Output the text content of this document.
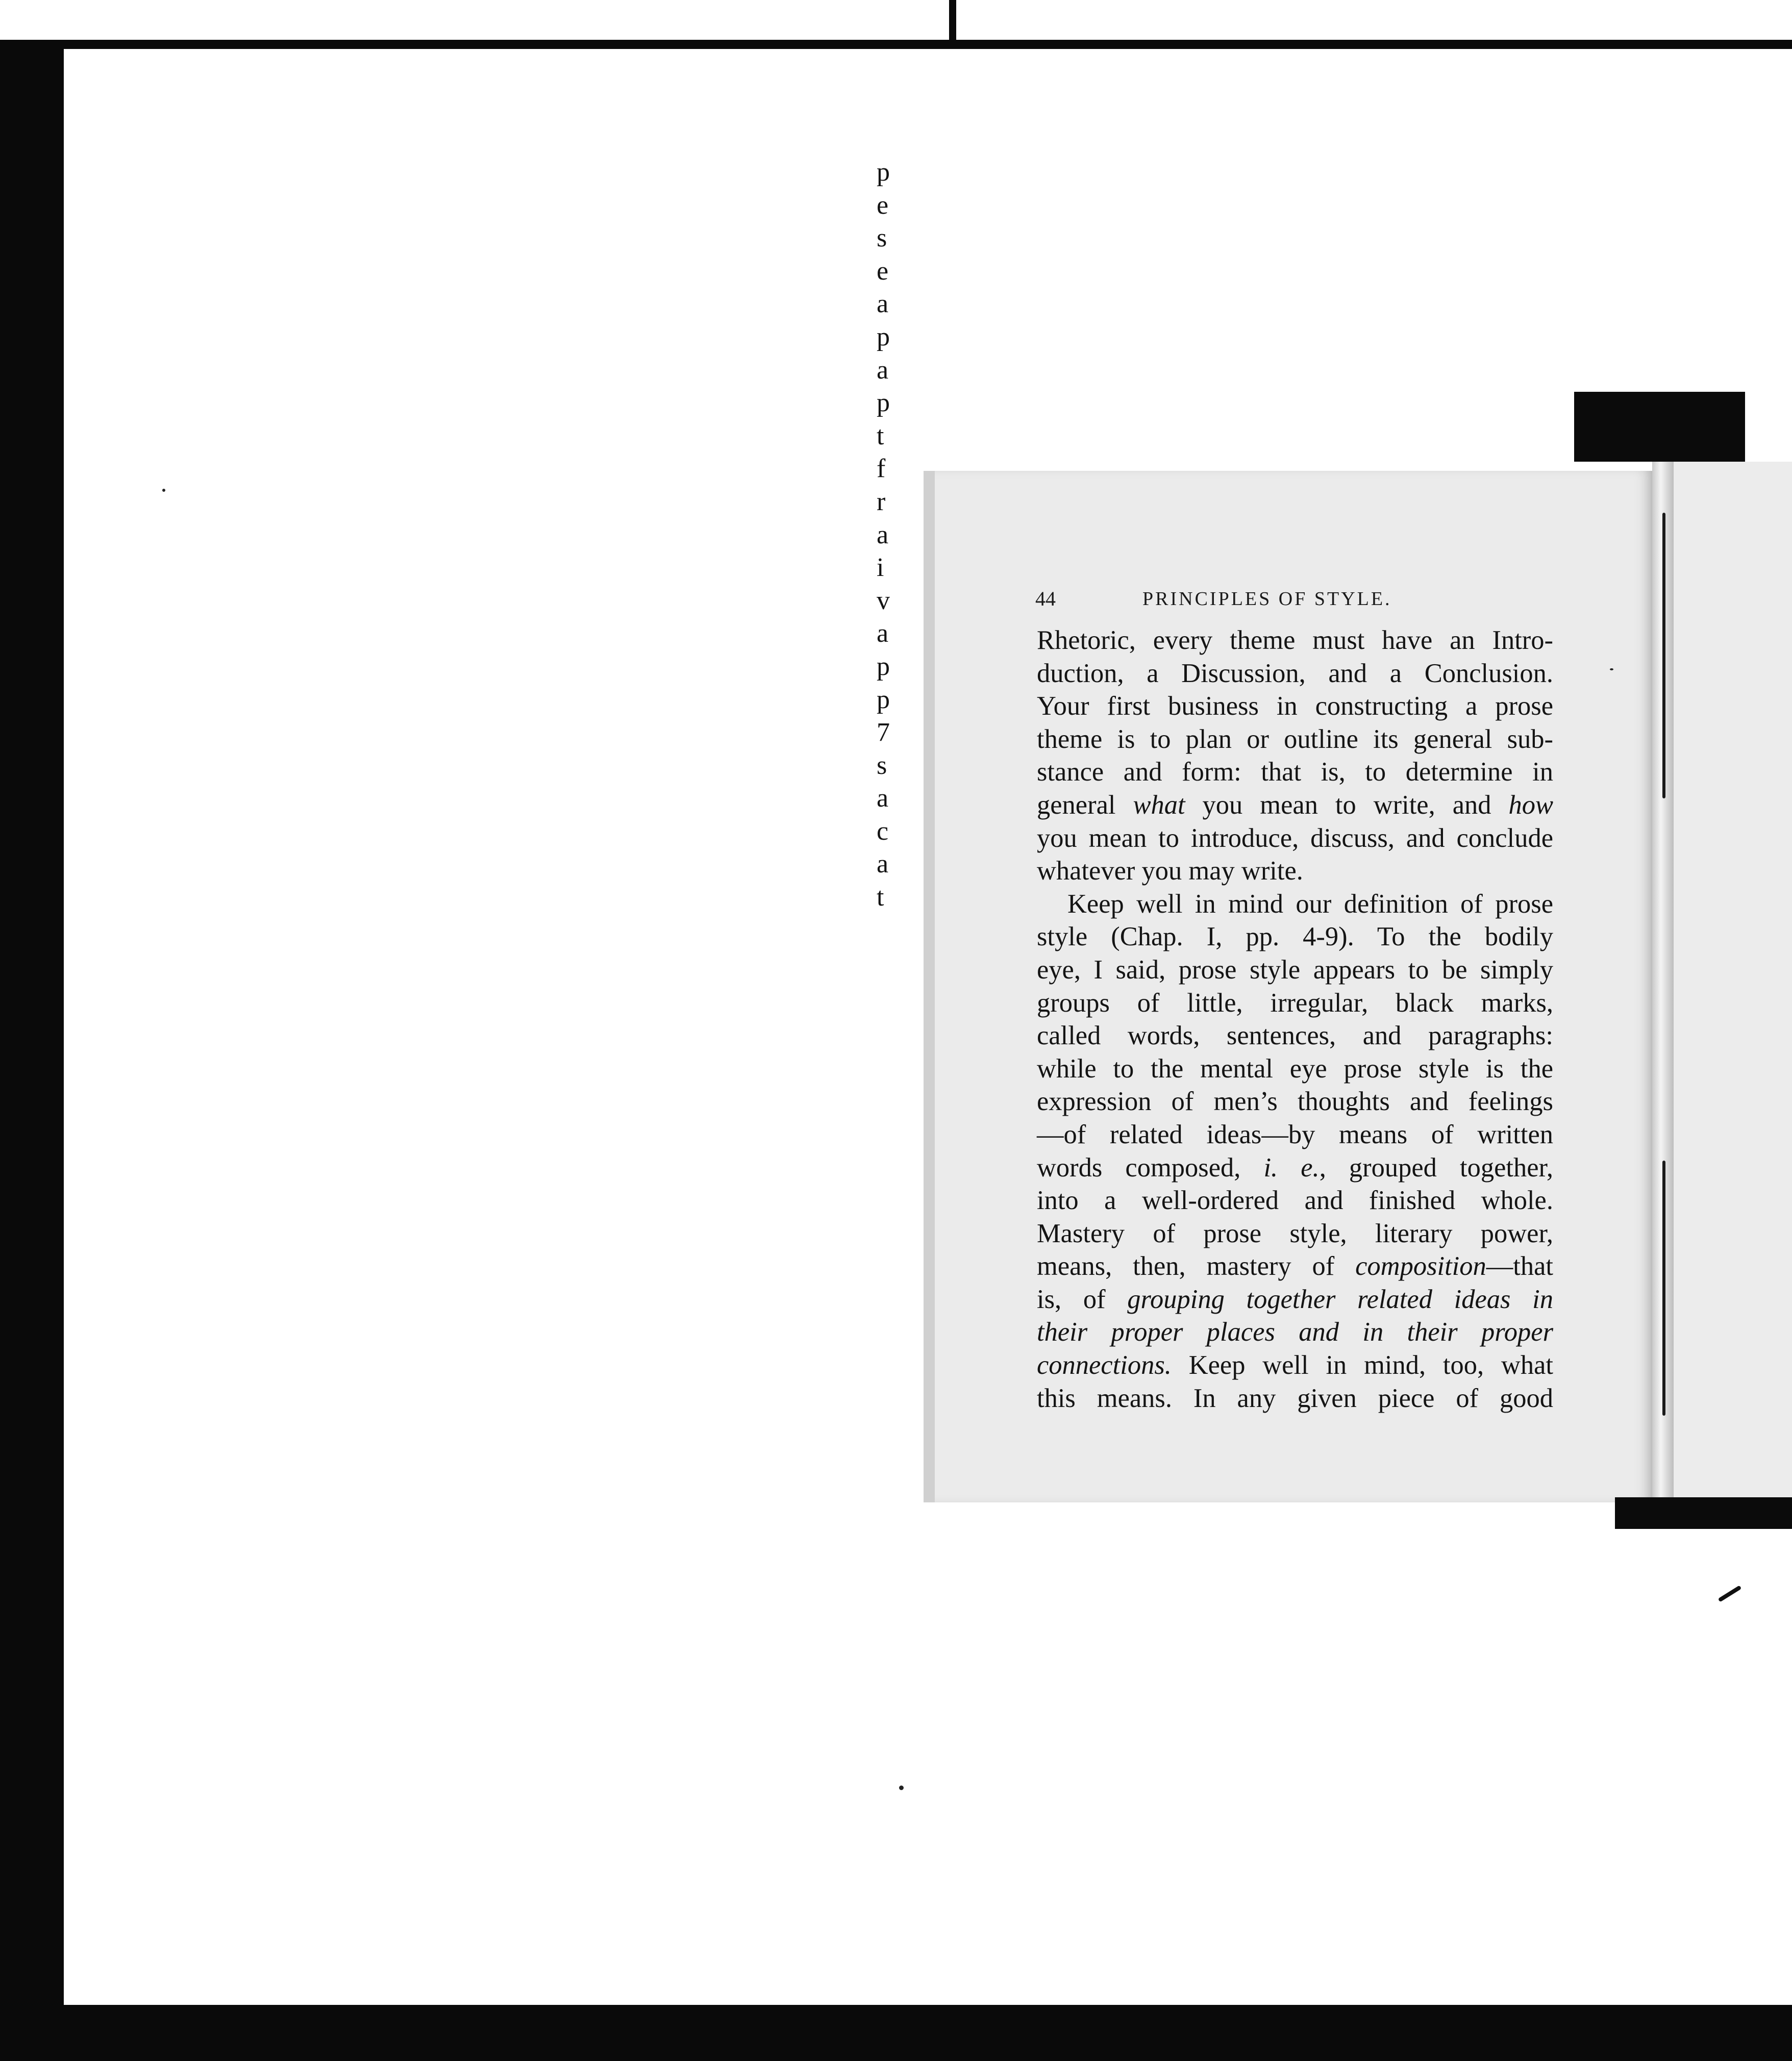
44	PRINCIPLES OF STYLE.
Rhetoric, every theme must have an Intro-
duction, a Discussion, and a Conclusion.
Your first business in constructing a prose
theme is to plan or outline its general sub-
stance and form: that is, to determine in
general what you mean to write, and how
you mean to introduce, discuss, and conclude
whatever you may write.
Keep well in mind our definition of prose
style (Chap. I, pp. 4-9). To the bodily
eye, I said, prose style appears to be simply
groups of little, irregular, black marks,
called words, sentences, and paragraphs:
while to the mental eye prose style is the
expression of men’s thoughts and feelings
—of related ideas—by means of written
words composed, i. e., grouped together,
into a well-ordered and finished whole.
Mastery of prose style, literary power,
means, then, mastery of composition—that
is, of grouping together related ideas in
their proper places and in their proper
connections. Keep well in mind, too, what
this means. In any given piece of good
p
e
s
e
a
p
a
p
t
f
r
a
i
v
a
p
p
7
s
a
c
a
t
